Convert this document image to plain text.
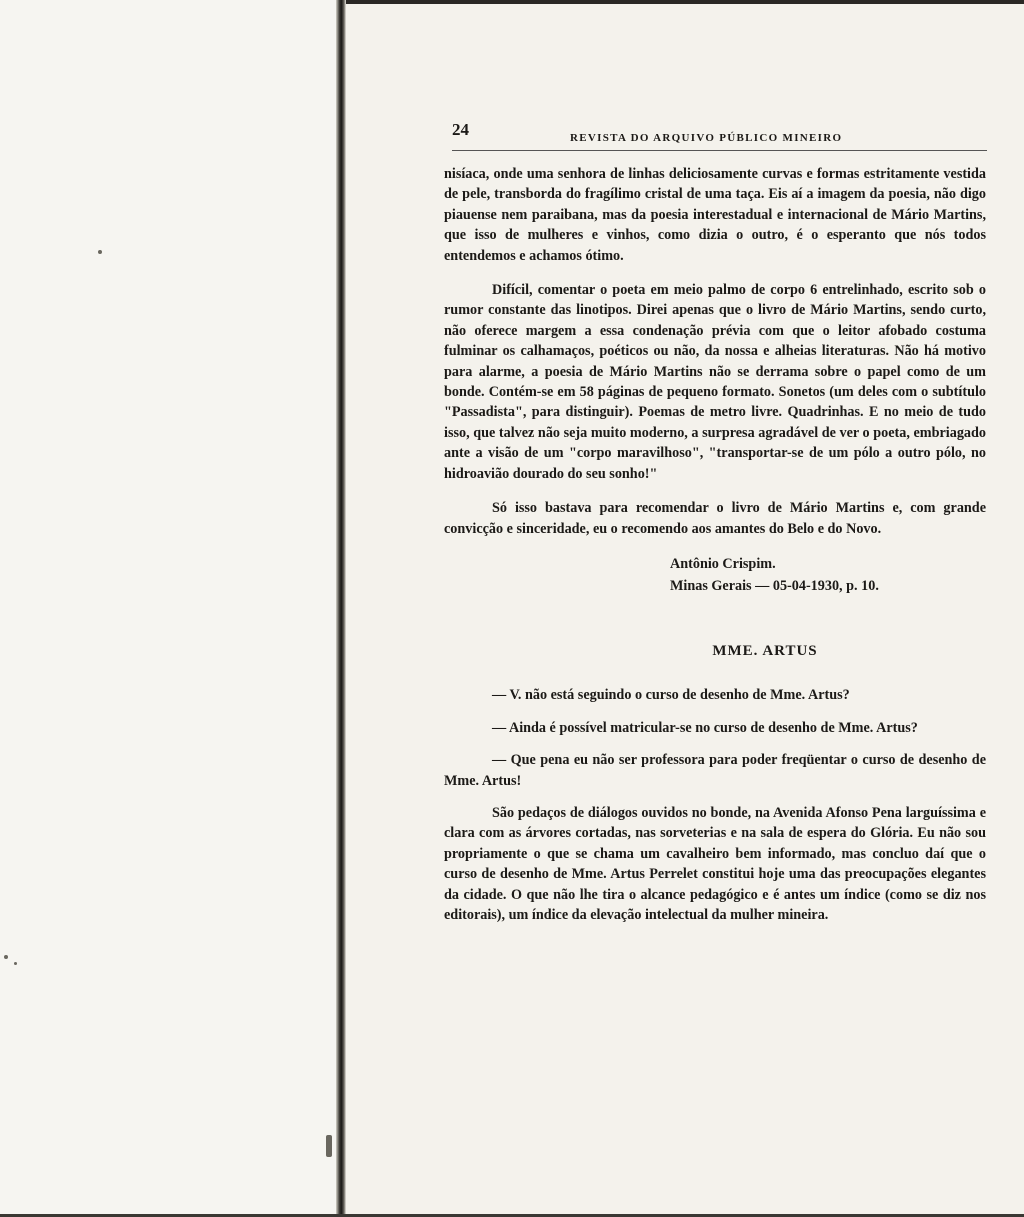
24	REVISTA DO ARQUIVO PÚBLICO MINEIRO

nisíaca, onde uma senhora de linhas deliciosamente curvas e formas estritamente vestida de pele, transborda do fragílimo cristal de uma taça. Eis aí a imagem da poesia, não digo piauense nem paraibana, mas da poesia interestadual e internacional de Mário Martins, que isso de mulheres e vinhos, como dizia o outro, é o esperanto que nós todos entendemos e achamos ótimo.

Difícil, comentar o poeta em meio palmo de corpo 6 entrelinhado, escrito sob o rumor constante das linotipos. Direi apenas que o livro de Mário Martins, sendo curto, não oferece margem a essa condenação prévia com que o leitor afobado costuma fulminar os calhamaços, poéticos ou não, da nossa e alheias literaturas. Não há motivo para alarme, a poesia de Mário Martins não se derrama sobre o papel como de um bonde. Contém-se em 58 páginas de pequeno formato. Sonetos (um deles com o subtítulo "Passadista", para distinguir). Poemas de metro livre. Quadrinhas. E no meio de tudo isso, que talvez não seja muito moderno, a surpresa agradável de ver o poeta, embriagado ante a visão de um "corpo maravilhoso", "transportar-se de um pólo a outro pólo, no hidroavião dourado do seu sonho!"

Só isso bastava para recomendar o livro de Mário Martins e, com grande convicção e sinceridade, eu o recomendo aos amantes do Belo e do Novo.

Antônio Crispim.
Minas Gerais — 05-04-1930, p. 10.
MME. ARTUS

— V. não está seguindo o curso de desenho de Mme. Artus?

— Ainda é possível matricular-se no curso de desenho de Mme. Artus?

— Que pena eu não ser professora para poder freqüentar o curso de desenho de Mme. Artus!

São pedaços de diálogos ouvidos no bonde, na Avenida Afonso Pena larguíssima e clara com as árvores cortadas, nas sorveterias e na sala de espera do Glória. Eu não sou propriamente o que se chama um cavalheiro bem informado, mas concluo daí que o curso de desenho de Mme. Artus Perrelet constitui hoje uma das preocupações elegantes da cidade. O que não lhe tira o alcance pedagógico e é antes um índice (como se diz nos editorais), um índice da elevação intelectual da mulher mineira.
